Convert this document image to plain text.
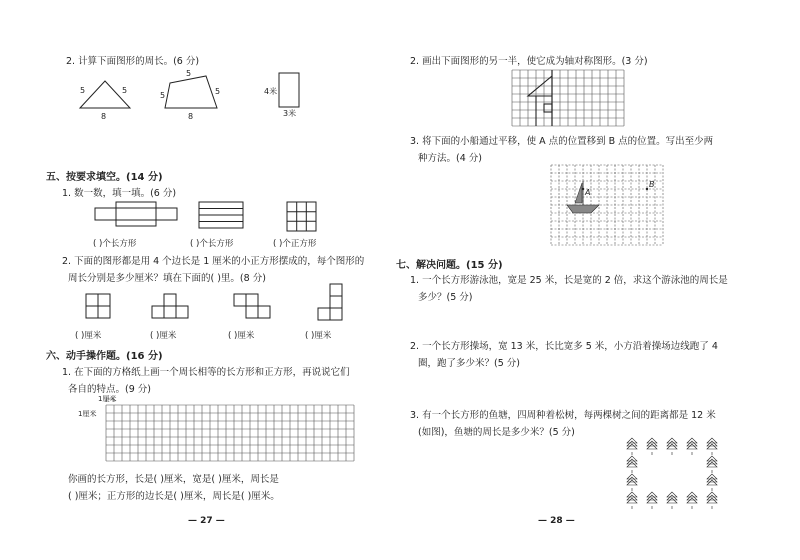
2. 计算下面图形的周长。(6 分)
5	5
8
5
5	5
8
4米
3米
五、按要求填空。(14 分)
1. 数一数，填一填。(6 分)
( )个长方形	( )个长方形	( )个正方形
2. 下面的图形都是用 4 个边长是 1 厘米的小正方形摆成的，每个图形的
周长分别是多少厘米？填在下面的( )里。(8 分)
( )厘米	( )厘米	( )厘米	( )厘米
六、动手操作题。(16 分)
1. 在下面的方格纸上画一个周长相等的长方形和正方形，再说说它们
各自的特点。(9 分)
1厘米
1厘米
你画的长方形，长是( )厘米，宽是( )厘米，周长是
( )厘米；正方形的边长是( )厘米，周长是( )厘米。
— 27 —
2. 画出下面图形的另一半，使它成为轴对称图形。(3 分)
3. 将下面的小船通过平移，使 A 点的位置移到 B 点的位置。写出至少两
种方法。(4 分)
A
B
七、解决问题。(15 分)
1. 一个长方形游泳池，宽是 25 米，长是宽的 2 倍，求这个游泳池的周长是
多少？(5 分)
2. 一个长方形操场，宽 13 米，长比宽多 5 米，小方沿着操场边线跑了 4
圈，跑了多少米？(5 分)
3. 有一个长方形的鱼塘，四周种着松树，每两棵树之间的距离都是 12 米
(如图)，鱼塘的周长是多少米？(5 分)
— 28 —
